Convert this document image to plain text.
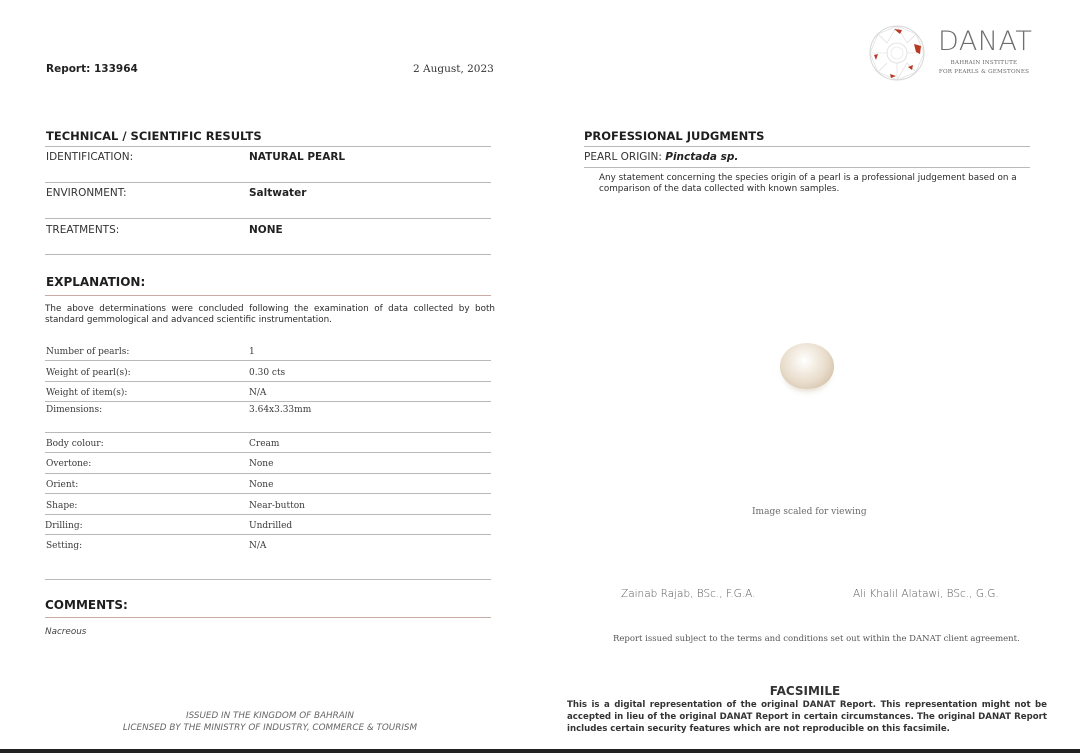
Report: 133964	2 August, 2023
DANAT
BAHRAIN INSTITUTE
FOR PEARLS & GEMSTONES
TECHNICAL / SCIENTIFIC RESULTS
IDENTIFICATION:	NATURAL PEARL
ENVIRONMENT:	Saltwater
TREATMENTS:	NONE
EXPLANATION:
The above determinations were concluded following the examination of data collected by both standard gemmological and advanced scientific instrumentation.
Number of pearls:	1
Weight of pearl(s):	0.30 cts
Weight of item(s):	N/A
Dimensions:	3.64x3.33mm
Body colour:	Cream
Overtone:	None
Orient:	None
Shape:	Near-button
Drilling:	Undrilled
Setting:	N/A
COMMENTS:
Nacreous
ISSUED IN THE KINGDOM OF BAHRAIN
LICENSED BY THE MINISTRY OF INDUSTRY, COMMERCE & TOURISM
PROFESSIONAL JUDGMENTS
PEARL ORIGIN: Pinctada sp.
Any statement concerning the species origin of a pearl is a professional judgement based on a comparison of the data collected with known samples.
Image scaled for viewing
Zainab Rajab, BSc., F.G.A.	Ali Khalil Alatawi, BSc., G.G.
Report issued subject to the terms and conditions set out within the DANAT client agreement.
FACSIMILE
This is a digital representation of the original DANAT Report. This representation might not be accepted in lieu of the original DANAT Report in certain circumstances. The original DANAT Report includes certain security features which are not reproducible on this facsimile.
